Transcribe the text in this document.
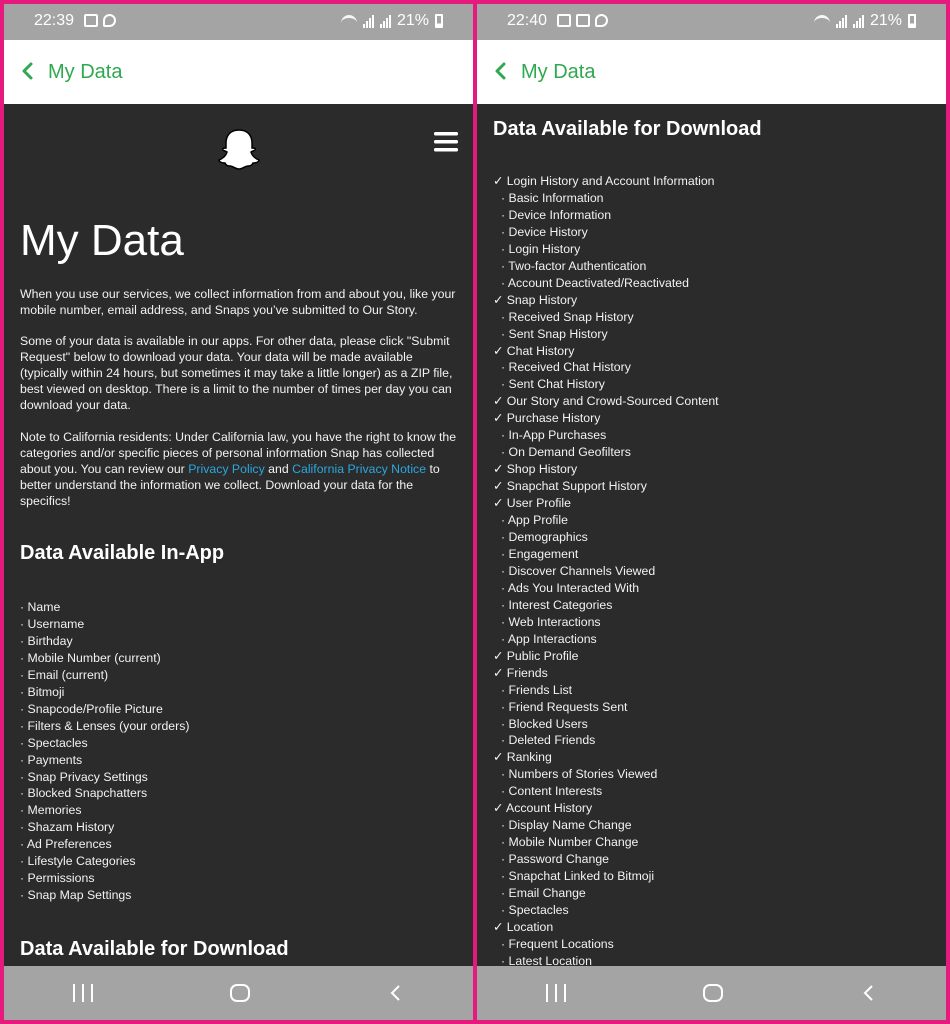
22:39	21%
My Data
My Data

When you use our services, we collect information from and about you, like your mobile number, email address, and Snaps you’ve submitted to Our Story.

Some of your data is available in our apps. For other data, please click "Submit Request" below to download your data. Your data will be made available (typically within 24 hours, but sometimes it may take a little longer) as a ZIP file, best viewed on desktop. There is a limit to the number of times per day you can download your data.

Note to California residents: Under California law, you have the right to know the categories and/or specific pieces of personal information Snap has collected about you. You can review our Privacy Policy and California Privacy Notice to better understand the information we collect. Download your data for the specifics!

Data Available In-App
· Name
· Username
· Birthday
· Mobile Number (current)
· Email (current)
· Bitmoji
· Snapcode/Profile Picture
· Filters & Lenses (your orders)
· Spectacles
· Payments
· Snap Privacy Settings
· Blocked Snapchatters
· Memories
· Shazam History
· Ad Preferences
· Lifestyle Categories
· Permissions
· Snap Map Settings
Data Available for Download
22:40	21%
My Data
Data Available for Download
✓ Login History and Account Information
· Basic Information
· Device Information
· Device History
· Login History
· Two-factor Authentication
· Account Deactivated/Reactivated
✓ Snap History
· Received Snap History
· Sent Snap History
✓ Chat History
· Received Chat History
· Sent Chat History
✓ Our Story and Crowd-Sourced Content
✓ Purchase History
· In-App Purchases
· On Demand Geofilters
✓ Shop History
✓ Snapchat Support History
✓ User Profile
· App Profile
· Demographics
· Engagement
· Discover Channels Viewed
· Ads You Interacted With
· Interest Categories
· Web Interactions
· App Interactions
✓ Public Profile
✓ Friends
· Friends List
· Friend Requests Sent
· Blocked Users
· Deleted Friends
✓ Ranking
· Numbers of Stories Viewed
· Content Interests
✓ Account History
· Display Name Change
· Mobile Number Change
· Password Change
· Snapchat Linked to Bitmoji
· Email Change
· Spectacles
✓ Location
· Frequent Locations
· Latest Location
